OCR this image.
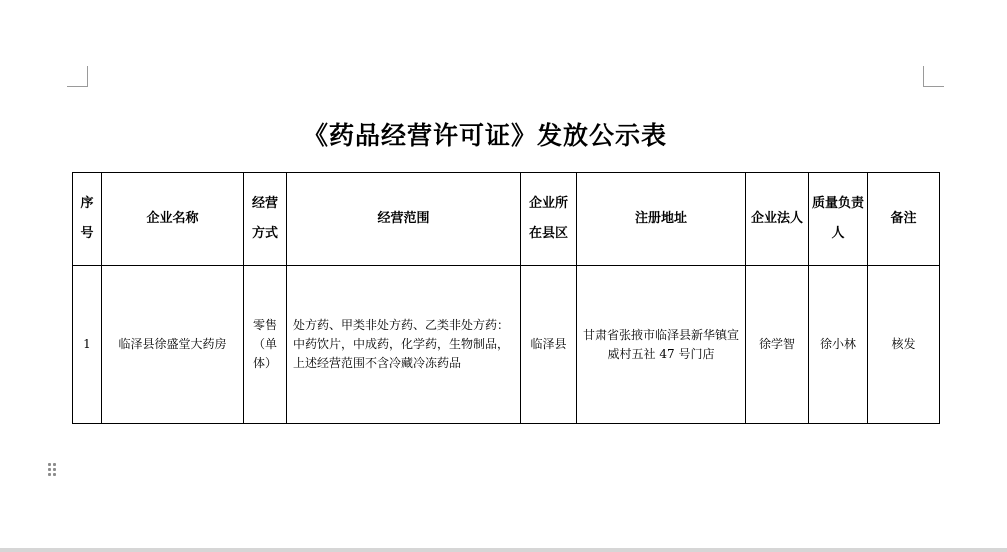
《药品经营许可证》发放公示表
序号	企业名称	经营方式	经营范围	企业所在县区	注册地址	企业法人	质量负责人	备注
1	临泽县徐盛堂大药房	零售（单体）	处方药、甲类非处方药、乙类非处方药：中药饮片，中成药，化学药，生物制品，上述经营范围不含冷藏冷冻药品	临泽县	甘肃省张掖市临泽县新华镇宣威村五社 47 号门店	徐学智	徐小林	核发
